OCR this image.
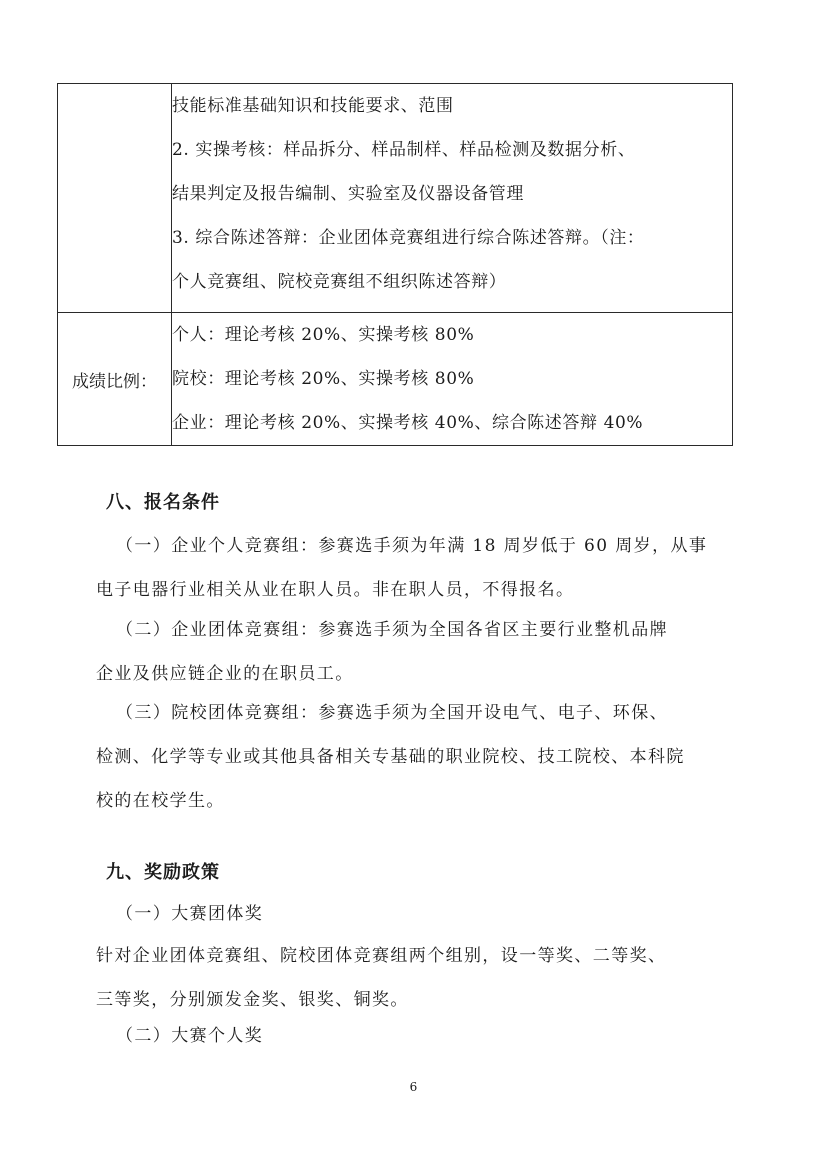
	技能标准基础知识和技能要求、范围

2. 实操考核：样品拆分、样品制样、样品检测及数据分析、

结果判定及报告编制、实验室及仪器设备管理

3. 综合陈述答辩：企业团体竞赛组进行综合陈述答辩。（注：

个人竞赛组、院校竞赛组不组织陈述答辩）

成绩比例：	个人：理论考核 20%、实操考核 80%

院校：理论考核 20%、实操考核 80%

企业：理论考核 20%、实操考核 40%、综合陈述答辩 40%

八、报名条件
（一）企业个人竞赛组：参赛选手须为年满 18 周岁低于 60 周岁，从事
电子电器行业相关从业在职人员。非在职人员，不得报名。
（二）企业团体竞赛组：参赛选手须为全国各省区主要行业整机品牌
企业及供应链企业的在职员工。
（三）院校团体竞赛组：参赛选手须为全国开设电气、电子、环保、
检测、化学等专业或其他具备相关专基础的职业院校、技工院校、本科院
校的在校学生。
九、奖励政策
（一）大赛团体奖
针对企业团体竞赛组、院校团体竞赛组两个组别，设一等奖、二等奖、
三等奖，分别颁发金奖、银奖、铜奖。
（二）大赛个人奖
6
